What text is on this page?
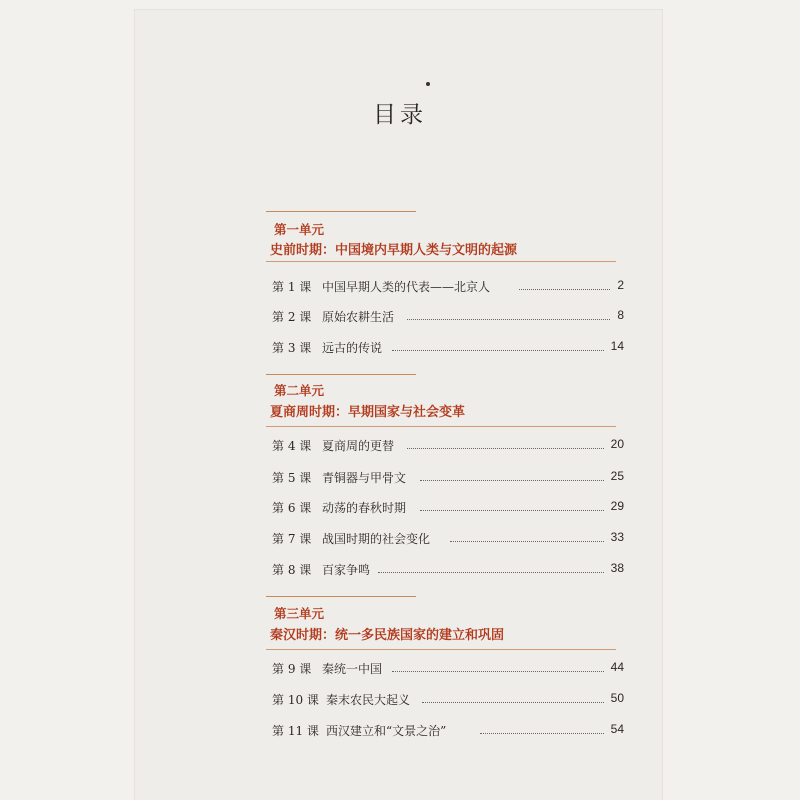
目录
第一单元
史前时期：中国境内早期人类与文明的起源
第 1 课 中国早期人类的代表——北京人	2
第 2 课 原始农耕生活	8
第 3 课 远古的传说	14
第二单元
夏商周时期：早期国家与社会变革
第 4 课 夏商周的更替	20
第 5 课 青铜器与甲骨文	25
第 6 课 动荡的春秋时期	29
第 7 课 战国时期的社会变化	33
第 8 课 百家争鸣	38
第三单元
秦汉时期：统一多民族国家的建立和巩固
第 9 课 秦统一中国	44
第 10 课 秦末农民大起义	50
第 11 课 西汉建立和“文景之治”	54
